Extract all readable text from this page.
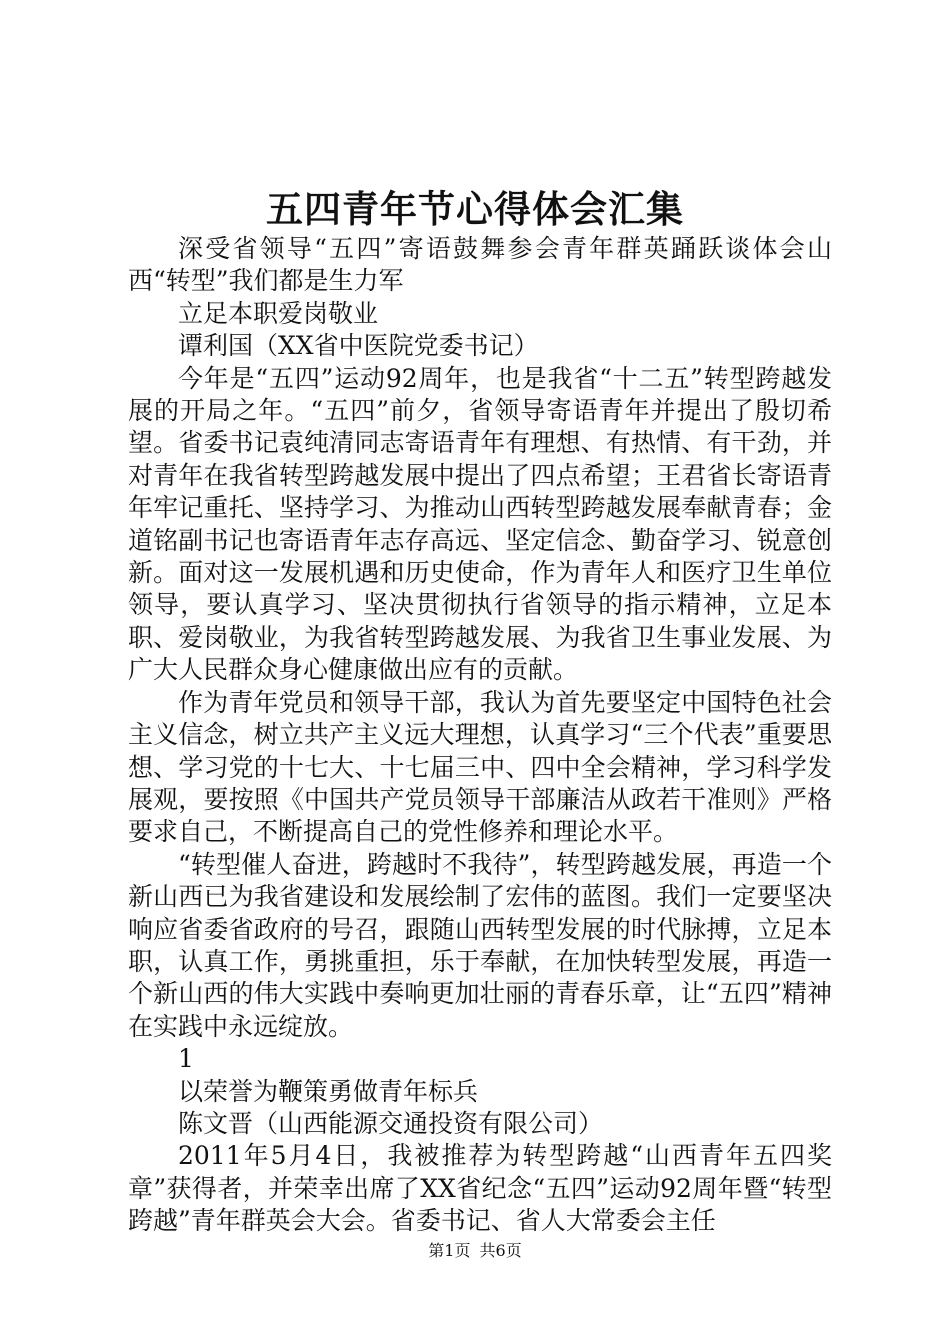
五四青年节心得体会汇集

深受省领导“五四”寄语鼓舞参会青年群英踊跃谈体会山西“转型”我们都是生力军

立足本职爱岗敬业

谭利国（XX省中医院党委书记）

今年是“五四”运动92周年，也是我省“十二五”转型跨越发展的开局之年。“五四”前夕，省领导寄语青年并提出了殷切希望。省委书记袁纯清同志寄语青年有理想、有热情、有干劲，并对青年在我省转型跨越发展中提出了四点希望；王君省长寄语青年牢记重托、坚持学习、为推动山西转型跨越发展奉献青春；金道铭副书记也寄语青年志存高远、坚定信念、勤奋学习、锐意创新。面对这一发展机遇和历史使命，作为青年人和医疗卫生单位领导，要认真学习、坚决贯彻执行省领导的指示精神，立足本职、爱岗敬业，为我省转型跨越发展、为我省卫生事业发展、为广大人民群众身心健康做出应有的贡献。

作为青年党员和领导干部，我认为首先要坚定中国特色社会主义信念，树立共产主义远大理想，认真学习“三个代表”重要思想、学习党的十七大、十七届三中、四中全会精神，学习科学发展观，要按照《中国共产党员领导干部廉洁从政若干准则》严格要求自己，不断提高自己的党性修养和理论水平。

“转型催人奋进，跨越时不我待”，转型跨越发展，再造一个新山西已为我省建设和发展绘制了宏伟的蓝图。我们一定要坚决响应省委省政府的号召，跟随山西转型发展的时代脉搏，立足本职，认真工作，勇挑重担，乐于奉献，在加快转型发展，再造一个新山西的伟大实践中奏响更加壮丽的青春乐章，让“五四”精神在实践中永远绽放。

1

以荣誉为鞭策勇做青年标兵

陈文晋（山西能源交通投资有限公司）

2011年5月4日，我被推荐为转型跨越“山西青年五四奖章”获得者，并荣幸出席了XX省纪念“五四”运动92周年暨“转型跨越”青年群英会大会。省委书记、省人大常委会主任

第1页 共6页
